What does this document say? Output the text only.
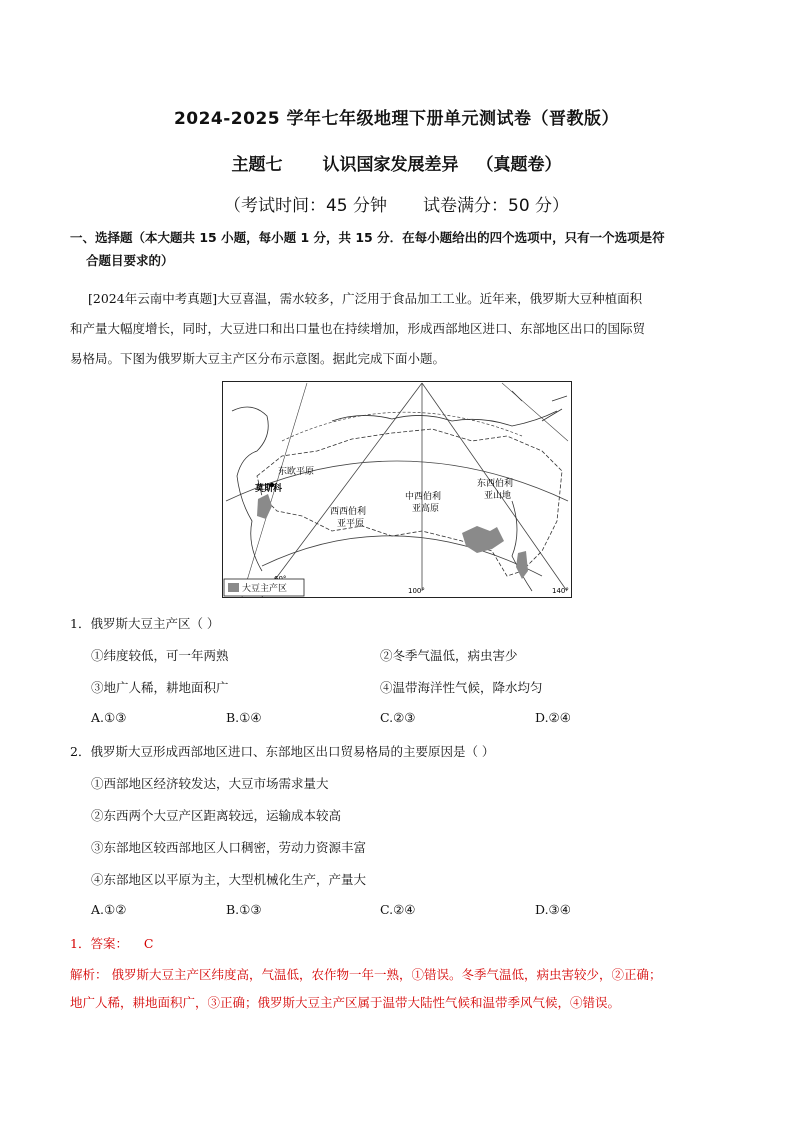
2024-2025 学年七年级地理下册单元测试卷（晋教版）
主题七 认识国家发展差异 （真题卷）
（考试时间：45 分钟 试卷满分：50 分）
一、选择题（本大题共 15 小题，每小题 1 分，共 15 分．在每小题给出的四个选项中，只有一个选项是符
合题目要求的）
[2024年云南中考真题]大豆喜温，需水较多，广泛用于食品加工工业。近年来，俄罗斯大豆种植面积
和产量大幅度增长，同时，大豆进口和出口量也在持续增加，形成西部地区进口、东部地区出口的国际贸
易格局。下图为俄罗斯大豆主产区分布示意图。据此完成下面小题。
莫斯科
东欧平原
西西伯利
亚平原
中西伯利
亚高原
东西伯利
亚山地
100°	140°
大豆主产区
1．俄罗斯大豆主产区（ ）
①纬度较低，可一年两熟	②冬季气温低，病虫害少
③地广人稀，耕地面积广	④温带海洋性气候，降水均匀
A.①③	B.①④	C.②③	D.②④
2．俄罗斯大豆形成西部地区进口、东部地区出口贸易格局的主要原因是（ ）
①西部地区经济较发达，大豆市场需求量大
②东西两个大豆产区距离较远，运输成本较高
③东部地区较西部地区人口稠密，劳动力资源丰富
④东部地区以平原为主，大型机械化生产，产量大
A.①②	B.①③	C.②④	D.③④
1．答案： C
解析： 俄罗斯大豆主产区纬度高，气温低，农作物一年一熟，①错误。冬季气温低，病虫害较少，②正确；
地广人稀，耕地面积广，③正确；俄罗斯大豆主产区属于温带大陆性气候和温带季风气候，④错误。
